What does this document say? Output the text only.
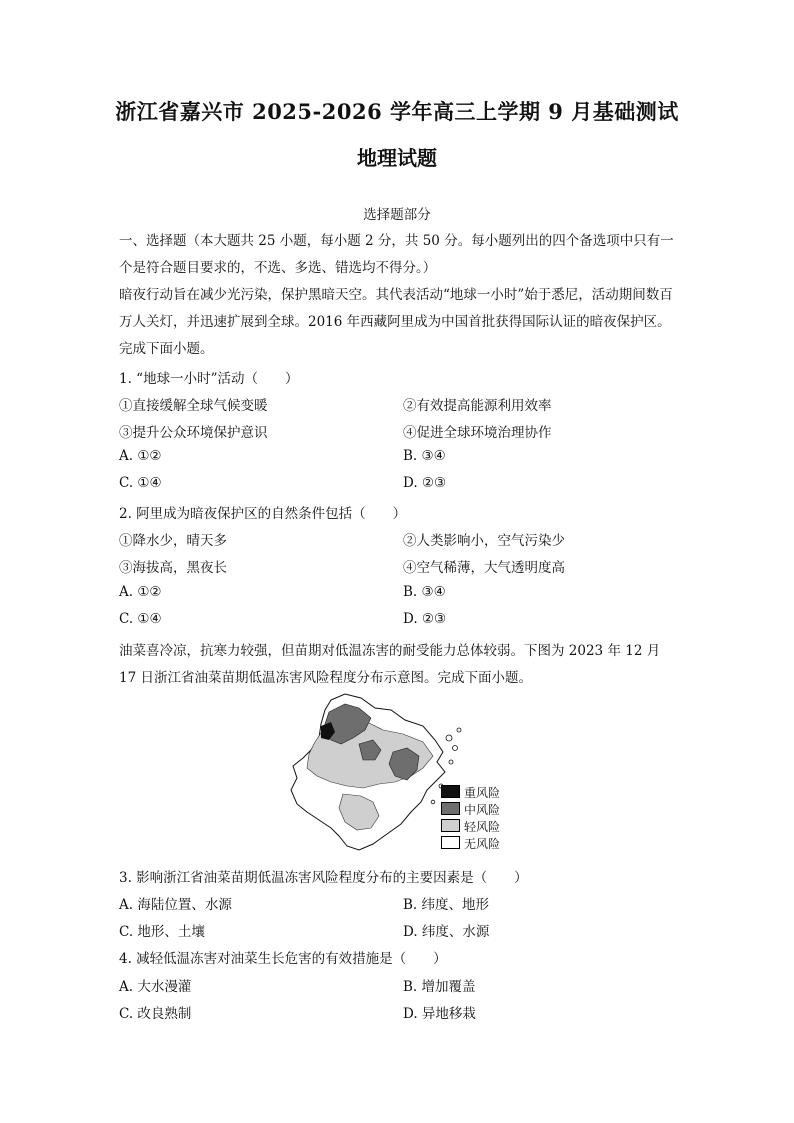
浙江省嘉兴市 2025-2026 学年高三上学期 9 月基础测试
地理试题
选择题部分
一、选择题（本大题共 25 小题，每小题 2 分，共 50 分。每小题列出的四个备选项中只有一个是符合题目要求的，不选、多选、错选均不得分。）
暗夜行动旨在减少光污染，保护黑暗天空。其代表活动“地球一小时”始于悉尼，活动期间数百万人关灯，并迅速扩展到全球。2016 年西藏阿里成为中国首批获得国际认证的暗夜保护区。完成下面小题。
1. “地球一小时”活动（　　）
①直接缓解全球气候变暖	②有效提高能源利用效率
③提升公众环境保护意识	④促进全球环境治理协作
A. ①②	B. ③④
C. ①④	D. ②③
2. 阿里成为暗夜保护区的自然条件包括（　　）
①降水少，晴天多	②人类影响小，空气污染少
③海拔高，黑夜长	④空气稀薄，大气透明度高
A. ①②	B. ③④
C. ①④	D. ②③
油菜喜冷凉，抗寒力较强，但苗期对低温冻害的耐受能力总体较弱。下图为 2023 年 12 月 17 日浙江省油菜苗期低温冻害风险程度分布示意图。完成下面小题。
重风险
中风险
轻风险
无风险
3. 影响浙江省油菜苗期低温冻害风险程度分布的主要因素是（　　）
A. 海陆位置、水源	B. 纬度、地形
C. 地形、土壤	D. 纬度、水源
4. 减轻低温冻害对油菜生长危害的有效措施是（　　）
A. 大水漫灌	B. 增加覆盖
C. 改良熟制	D. 异地移栽
